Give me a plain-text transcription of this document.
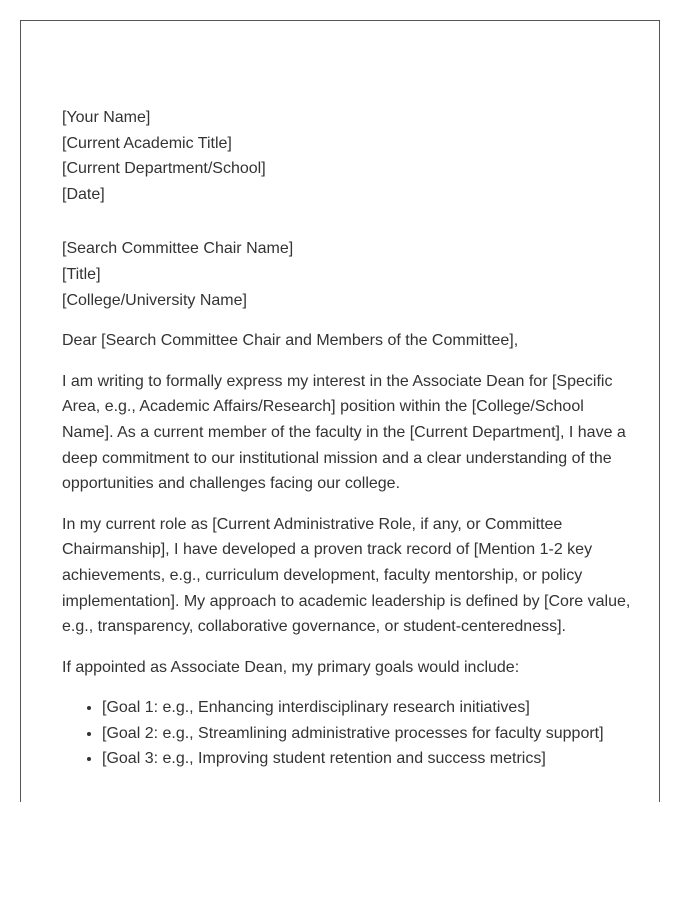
[Your Name]
[Current Academic Title]
[Current Department/School]
[Date]
[Search Committee Chair Name]
[Title]
[College/University Name]

Dear [Search Committee Chair and Members of the Committee],

I am writing to formally express my interest in the Associate Dean for [Specific Area, e.g., Academic Affairs/Research] position within the [College/School Name]. As a current member of the faculty in the [Current Department], I have a deep commitment to our institutional mission and a clear understanding of the opportunities and challenges facing our college.

In my current role as [Current Administrative Role, if any, or Committee Chairmanship], I have developed a proven track record of [Mention 1-2 key achievements, e.g., curriculum development, faculty mentorship, or policy implementation]. My approach to academic leadership is defined by [Core value, e.g., transparency, collaborative governance, or student-centeredness].

If appointed as Associate Dean, my primary goals would include:

• [Goal 1: e.g., Enhancing interdisciplinary research initiatives]
• [Goal 2: e.g., Streamlining administrative processes for faculty support]
• [Goal 3: e.g., Improving student retention and success metrics]
